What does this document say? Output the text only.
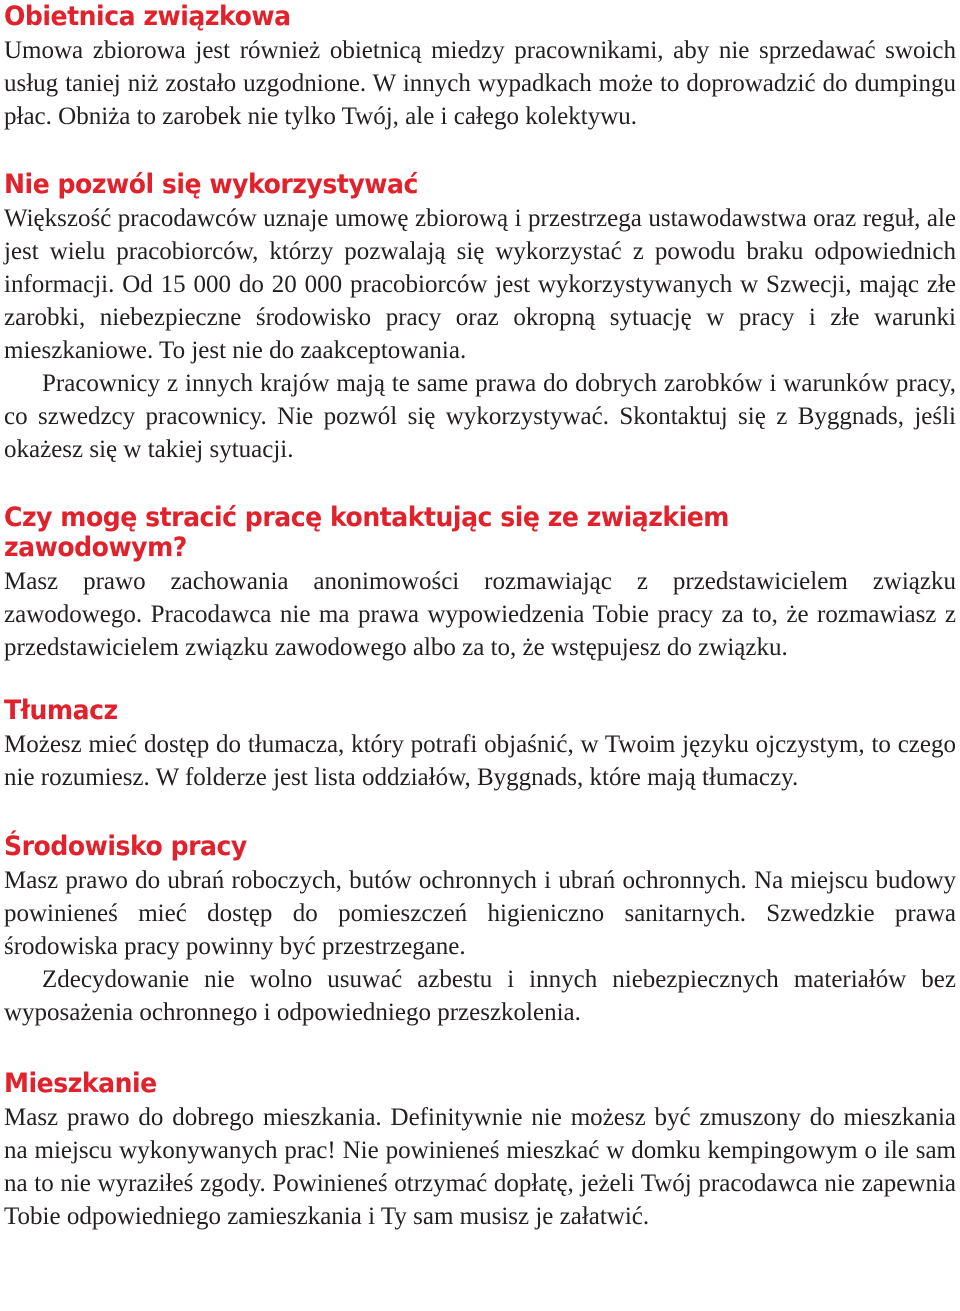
Obietnica związkowa

Umowa zbiorowa jest również obietnicą miedzy pracownikami, aby nie sprzedawać swoich usług taniej niż zostało uzgodnione. W innych wypadkach może to doprowadzić do dumpingu płac. Obniża to zarobek nie tylko Twój, ale i całego kolektywu.

Nie pozwól się wykorzystywać

Większość pracodawców uznaje umowę zbiorową i przestrzega ustawodawstwa oraz reguł, ale jest wielu pracobiorców, którzy pozwalają się wykorzystać z powodu braku odpowiednich informacji. Od 15 000 do 20 000 pracobiorców jest wykorzystywanych w Szwecji, mając złe zarobki, niebezpieczne środowisko pracy oraz okropną sytuację w pracy i złe warunki mieszkaniowe. To jest nie do zaakceptowania.

Pracownicy z innych krajów mają te same prawa do dobrych zarobków i warunków pracy, co szwedzcy pracownicy. Nie pozwól się wykorzystywać. Skontaktuj się z Byggnads, jeśli okażesz się w takiej sytuacji.

Czy mogę stracić pracę kontaktując się ze związkiem zawodowym?

Masz prawo zachowania anonimowości rozmawiając z przedstawicielem związku zawodowego. Pracodawca nie ma prawa wypowiedzenia Tobie pracy za to, że rozmawiasz z przedstawicielem związku zawodowego albo za to, że wstępujesz do związku.

Tłumacz

Możesz mieć dostęp do tłumacza, który potrafi objaśnić, w Twoim języku ojczystym, to czego nie rozumiesz. W folderze jest lista oddziałów, Byggnads, które mają tłumaczy.

Środowisko pracy

Masz prawo do ubrań roboczych, butów ochronnych i ubrań ochronnych. Na miejscu budowy powinieneś mieć dostęp do pomieszczeń higieniczno sanitarnych. Szwedzkie prawa środowiska pracy powinny być przestrzegane.

Zdecydowanie nie wolno usuwać azbestu i innych niebezpiecznych materiałów bez wyposażenia ochronnego i odpowiedniego przeszkolenia.

Mieszkanie

Masz prawo do dobrego mieszkania. Definitywnie nie możesz być zmuszony do mieszkania na miejscu wykonywanych prac! Nie powinieneś mieszkać w domku kempingowym o ile sam na to nie wyraziłeś zgody. Powinieneś otrzymać dopłatę, jeżeli Twój pracodawca nie zapewnia Tobie odpowiedniego zamieszkania i Ty sam musisz je załatwić.
